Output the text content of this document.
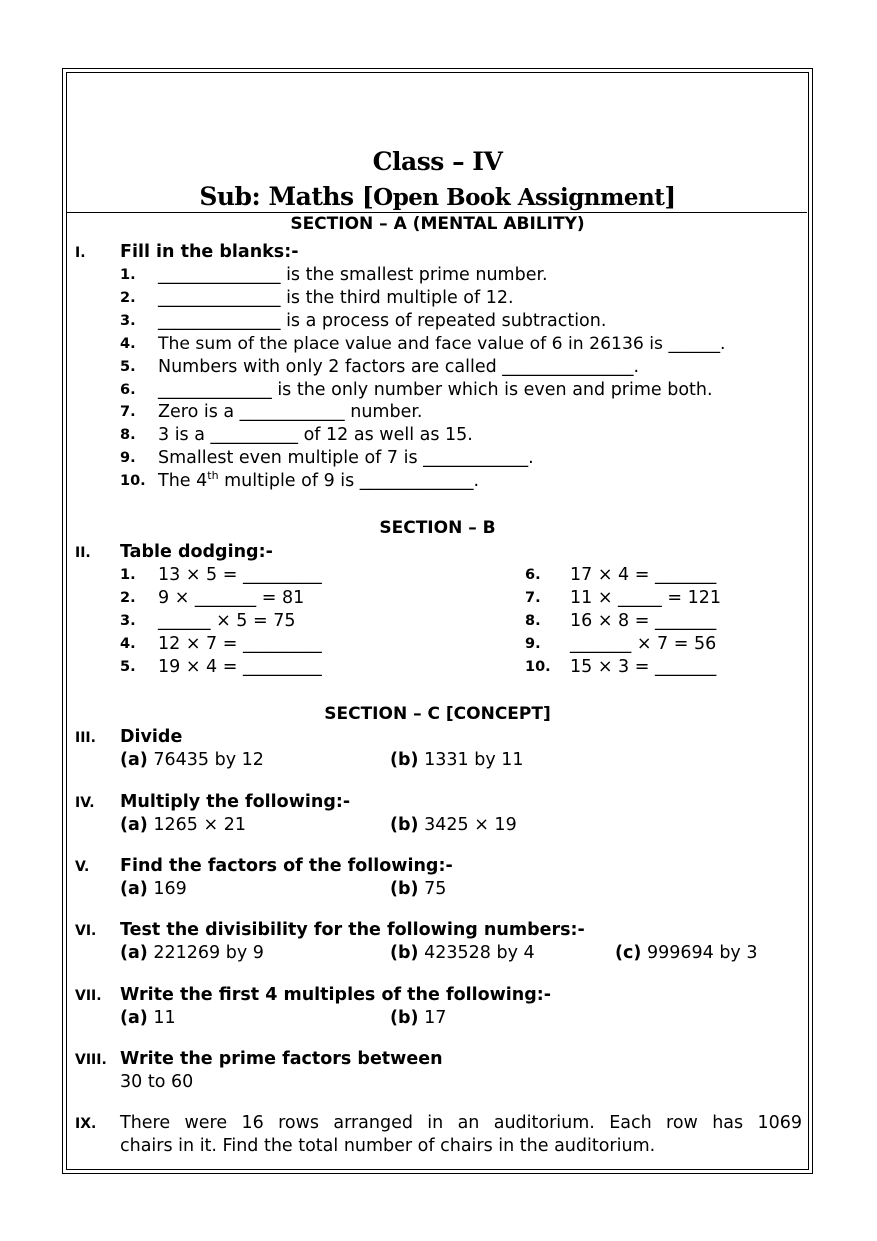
Class – IV
Sub: Maths [Open Book Assignment]
SECTION – A (MENTAL ABILITY)
I. Fill in the blanks:-
1. ______________ is the smallest prime number.
2. ______________ is the third multiple of 12.
3. ______________ is a process of repeated subtraction.
4. The sum of the place value and face value of 6 in 26136 is ______.
5. Numbers with only 2 factors are called _______________.
6. _____________ is the only number which is even and prime both.
7. Zero is a ____________ number.
8. 3 is a __________ of 12 as well as 15.
9. Smallest even multiple of 7 is ____________.
10. The 4th multiple of 9 is _____________.
SECTION – B
II. Table dodging:-
1. 13 × 5 = _________
2. 9 × _______ = 81
3. ______ × 5 = 75
4. 12 × 7 = _________
5. 19 × 4 = _________
6. 17 × 4 = _______
7. 11 × _____ = 121
8. 16 × 8 = _______
9. _______ × 7 = 56
10. 15 × 3 = _______
SECTION – C [CONCEPT]
III. Divide
(a) 76435 by 12	(b) 1331 by 11
IV. Multiply the following:-
(a) 1265 × 21	(b) 3425 × 19
V. Find the factors of the following:-
(a) 169	(b) 75
VI. Test the divisibility for the following numbers:-
(a) 221269 by 9	(b) 423528 by 4	(c) 999694 by 3
VII. Write the first 4 multiples of the following:-
(a) 11	(b) 17
VIII. Write the prime factors between
30 to 60
IX. There were 16 rows arranged in an auditorium. Each row has 1069
chairs in it. Find the total number of chairs in the auditorium.
